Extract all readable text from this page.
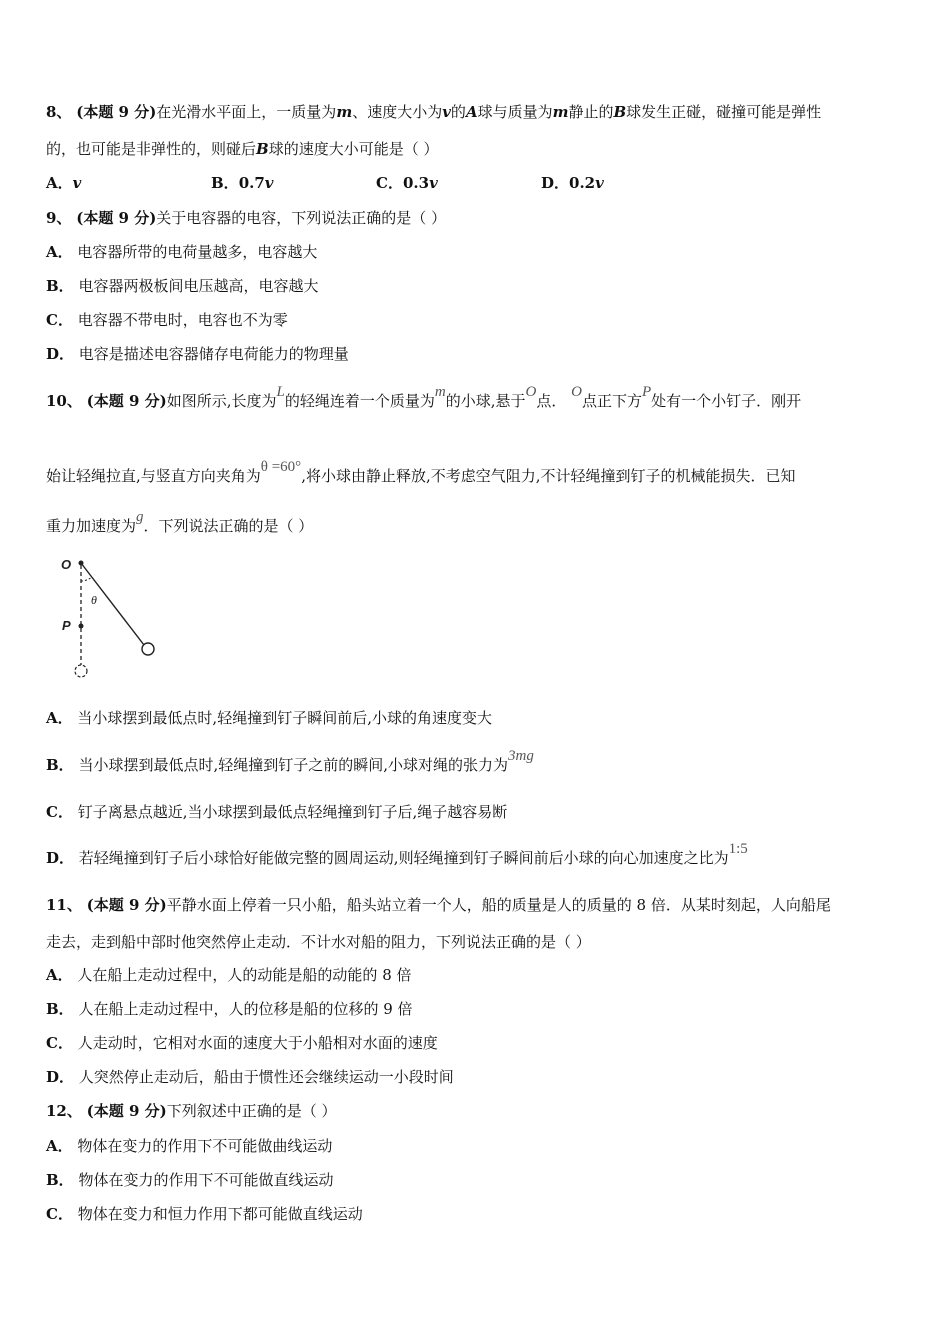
8、 (本题 9 分)在光滑水平面上，一质量为m、速度大小为v的A球与质量为m静止的B球发生正碰，碰撞可能是弹性
的，也可能是非弹性的，则碰后B球的速度大小可能是（ ）
A．v	B．0.7v	C．0.3v	D．0.2v
9、 (本题 9 分)关于电容器的电容，下列说法正确的是（ ）
A． 电容器所带的电荷量越多，电容越大
B． 电容器两极板间电压越高，电容越大
C． 电容器不带电时，电容也不为零
D． 电容是描述电容器储存电荷能力的物理量
10、 (本题 9 分)如图所示,长度为L的轻绳连着一个质量为m的小球,悬于O点． O点正下方P处有一个小钉子．刚开
始让轻绳拉直,与竖直方向夹角为θ =60°,将小球由静止释放,不考虑空气阻力,不计轻绳撞到钉子的机械能损失．已知
重力加速度为g．下列说法正确的是（ ）
O
P
θ
A． 当小球摆到最低点时,轻绳撞到钉子瞬间前后,小球的角速度变大
B． 当小球摆到最低点时,轻绳撞到钉子之前的瞬间,小球对绳的张力为3mg
C． 钉子离悬点越近,当小球摆到最低点轻绳撞到钉子后,绳子越容易断
D． 若轻绳撞到钉子后小球恰好能做完整的圆周运动,则轻绳撞到钉子瞬间前后小球的向心加速度之比为1:5
11、 (本题 9 分)平静水面上停着一只小船，船头站立着一个人，船的质量是人的质量的 8 倍．从某时刻起，人向船尾
走去，走到船中部时他突然停止走动．不计水对船的阻力，下列说法正确的是（ ）
A． 人在船上走动过程中，人的动能是船的动能的 8 倍
B． 人在船上走动过程中，人的位移是船的位移的 9 倍
C． 人走动时，它相对水面的速度大于小船相对水面的速度
D． 人突然停止走动后，船由于惯性还会继续运动一小段时间
12、 (本题 9 分)下列叙述中正确的是（ ）
A． 物体在变力的作用下不可能做曲线运动
B． 物体在变力的作用下不可能做直线运动
C． 物体在变力和恒力作用下都可能做直线运动
